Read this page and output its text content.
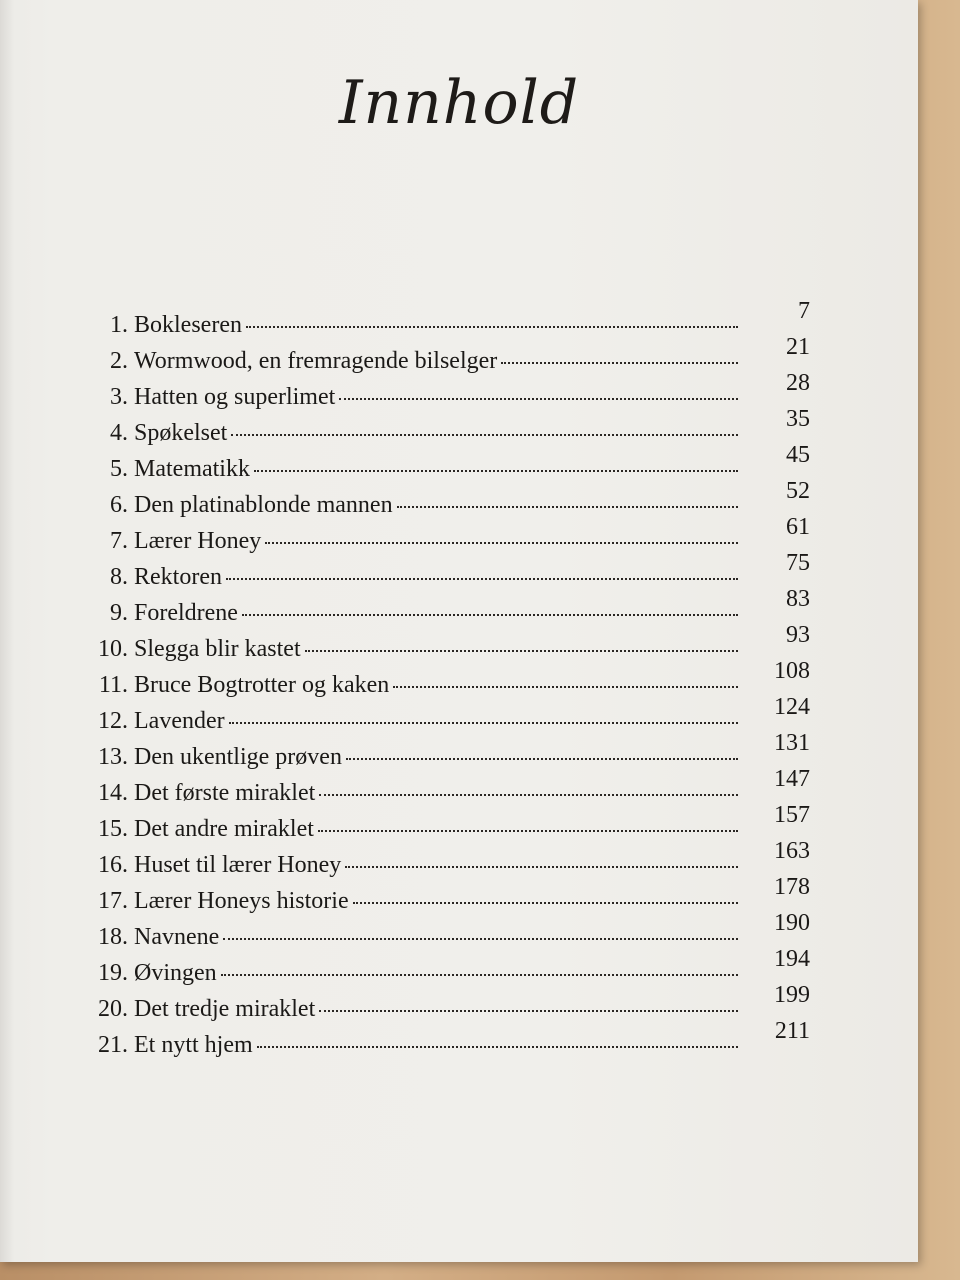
Innhold
1. Bokleseren
7
2. Wormwood, en fremragende bilselger
21
3. Hatten og superlimet
28
4. Spøkelset
35
5. Matematikk
45
6. Den platinablonde mannen
52
7. Lærer Honey
61
8. Rektoren
75
9. Foreldrene
83
10. Slegga blir kastet
93
11. Bruce Bogtrotter og kaken
108
12. Lavender
124
13. Den ukentlige prøven
131
14. Det første miraklet
147
15. Det andre miraklet
157
16. Huset til lærer Honey
163
17. Lærer Honeys historie
178
18. Navnene
190
19. Øvingen
194
20. Det tredje miraklet
199
21. Et nytt hjem
211
